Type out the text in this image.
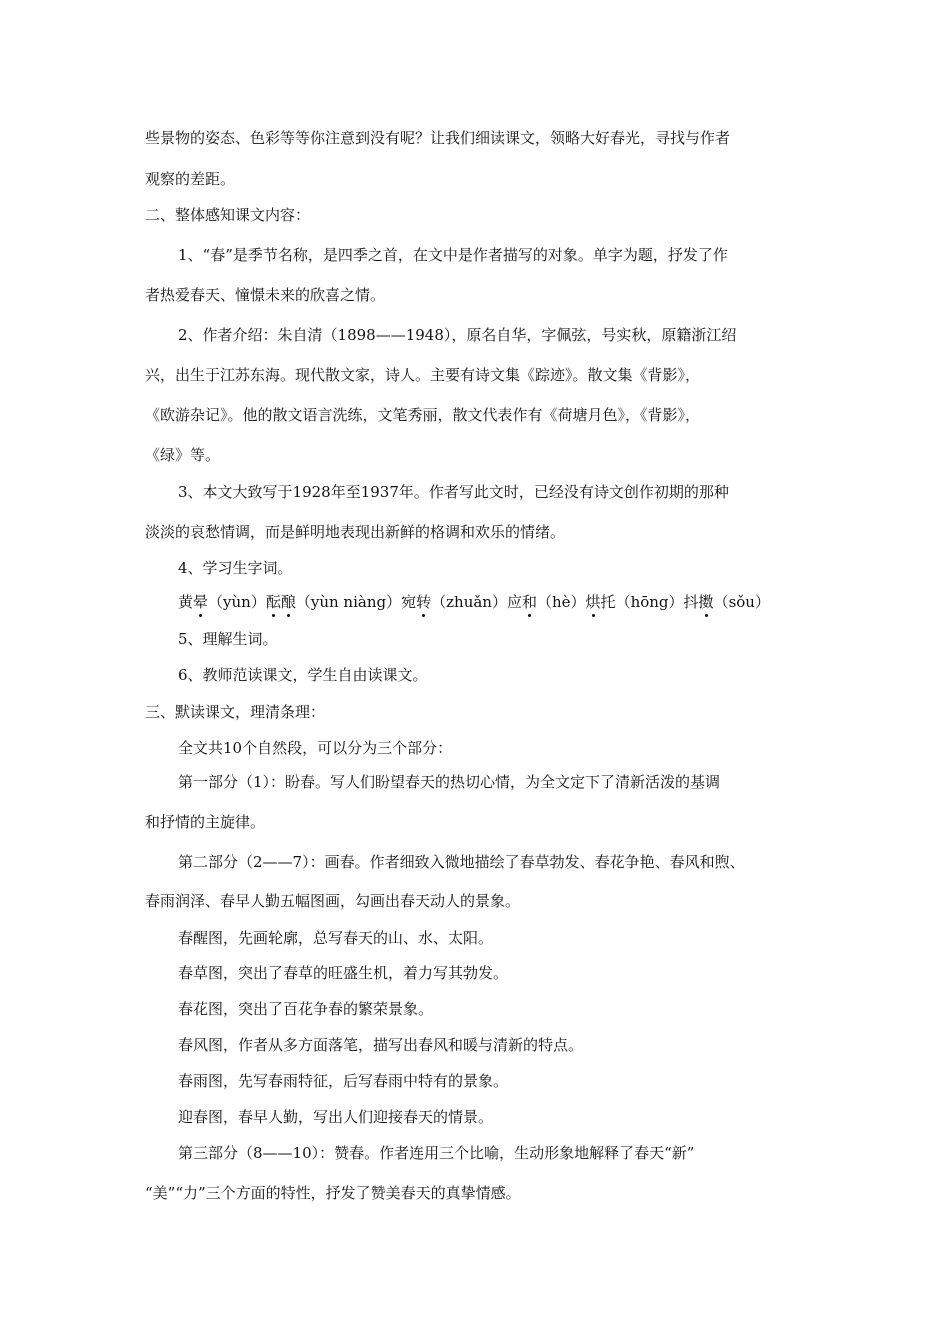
些景物的姿态、色彩等等你注意到没有呢？让我们细读课文，领略大好春光，寻找与作者
观察的差距。
二、整体感知课文内容：
1、“春”是季节名称，是四季之首，在文中是作者描写的对象。单字为题，抒发了作
者热爱春天、憧憬未来的欣喜之情。
2、作者介绍：朱自清（1898——1948），原名自华，字佩弦，号实秋，原籍浙江绍
兴，出生于江苏东海。现代散文家，诗人。主要有诗文集《踪迹》。散文集《背影》，
《欧游杂记》。他的散文语言洗练，文笔秀丽，散文代表作有《荷塘月色》，《背影》，
《绿》等。
3、本文大致写于1928年至1937年。作者写此文时，已经没有诗文创作初期的那种
淡淡的哀愁情调，而是鲜明地表现出新鲜的格调和欢乐的情绪。
4、学习生字词。
黄晕（yùn）酝酿（yùn niàng）宛转（zhuǎn）应和（hè）烘托（hōng）抖擞（sǒu）
5、理解生词。
6、教师范读课文，学生自由读课文。
三、默读课文，理清条理：
全文共10个自然段，可以分为三个部分：
第一部分（1）：盼春。写人们盼望春天的热切心情，为全文定下了清新活泼的基调
和抒情的主旋律。
第二部分（2——7）：画春。作者细致入微地描绘了春草勃发、春花争艳、春风和煦、
春雨润泽、春早人勤五幅图画，勾画出春天动人的景象。
春醒图，先画轮廓，总写春天的山、水、太阳。
春草图，突出了春草的旺盛生机，着力写其勃发。
春花图，突出了百花争春的繁荣景象。
春风图，作者从多方面落笔，描写出春风和暖与清新的特点。
春雨图，先写春雨特征，后写春雨中特有的景象。
迎春图，春早人勤，写出人们迎接春天的情景。
第三部分（8——10）：赞春。作者连用三个比喻，生动形象地解释了春天“新”
“美”“力”三个方面的特性，抒发了赞美春天的真挚情感。
